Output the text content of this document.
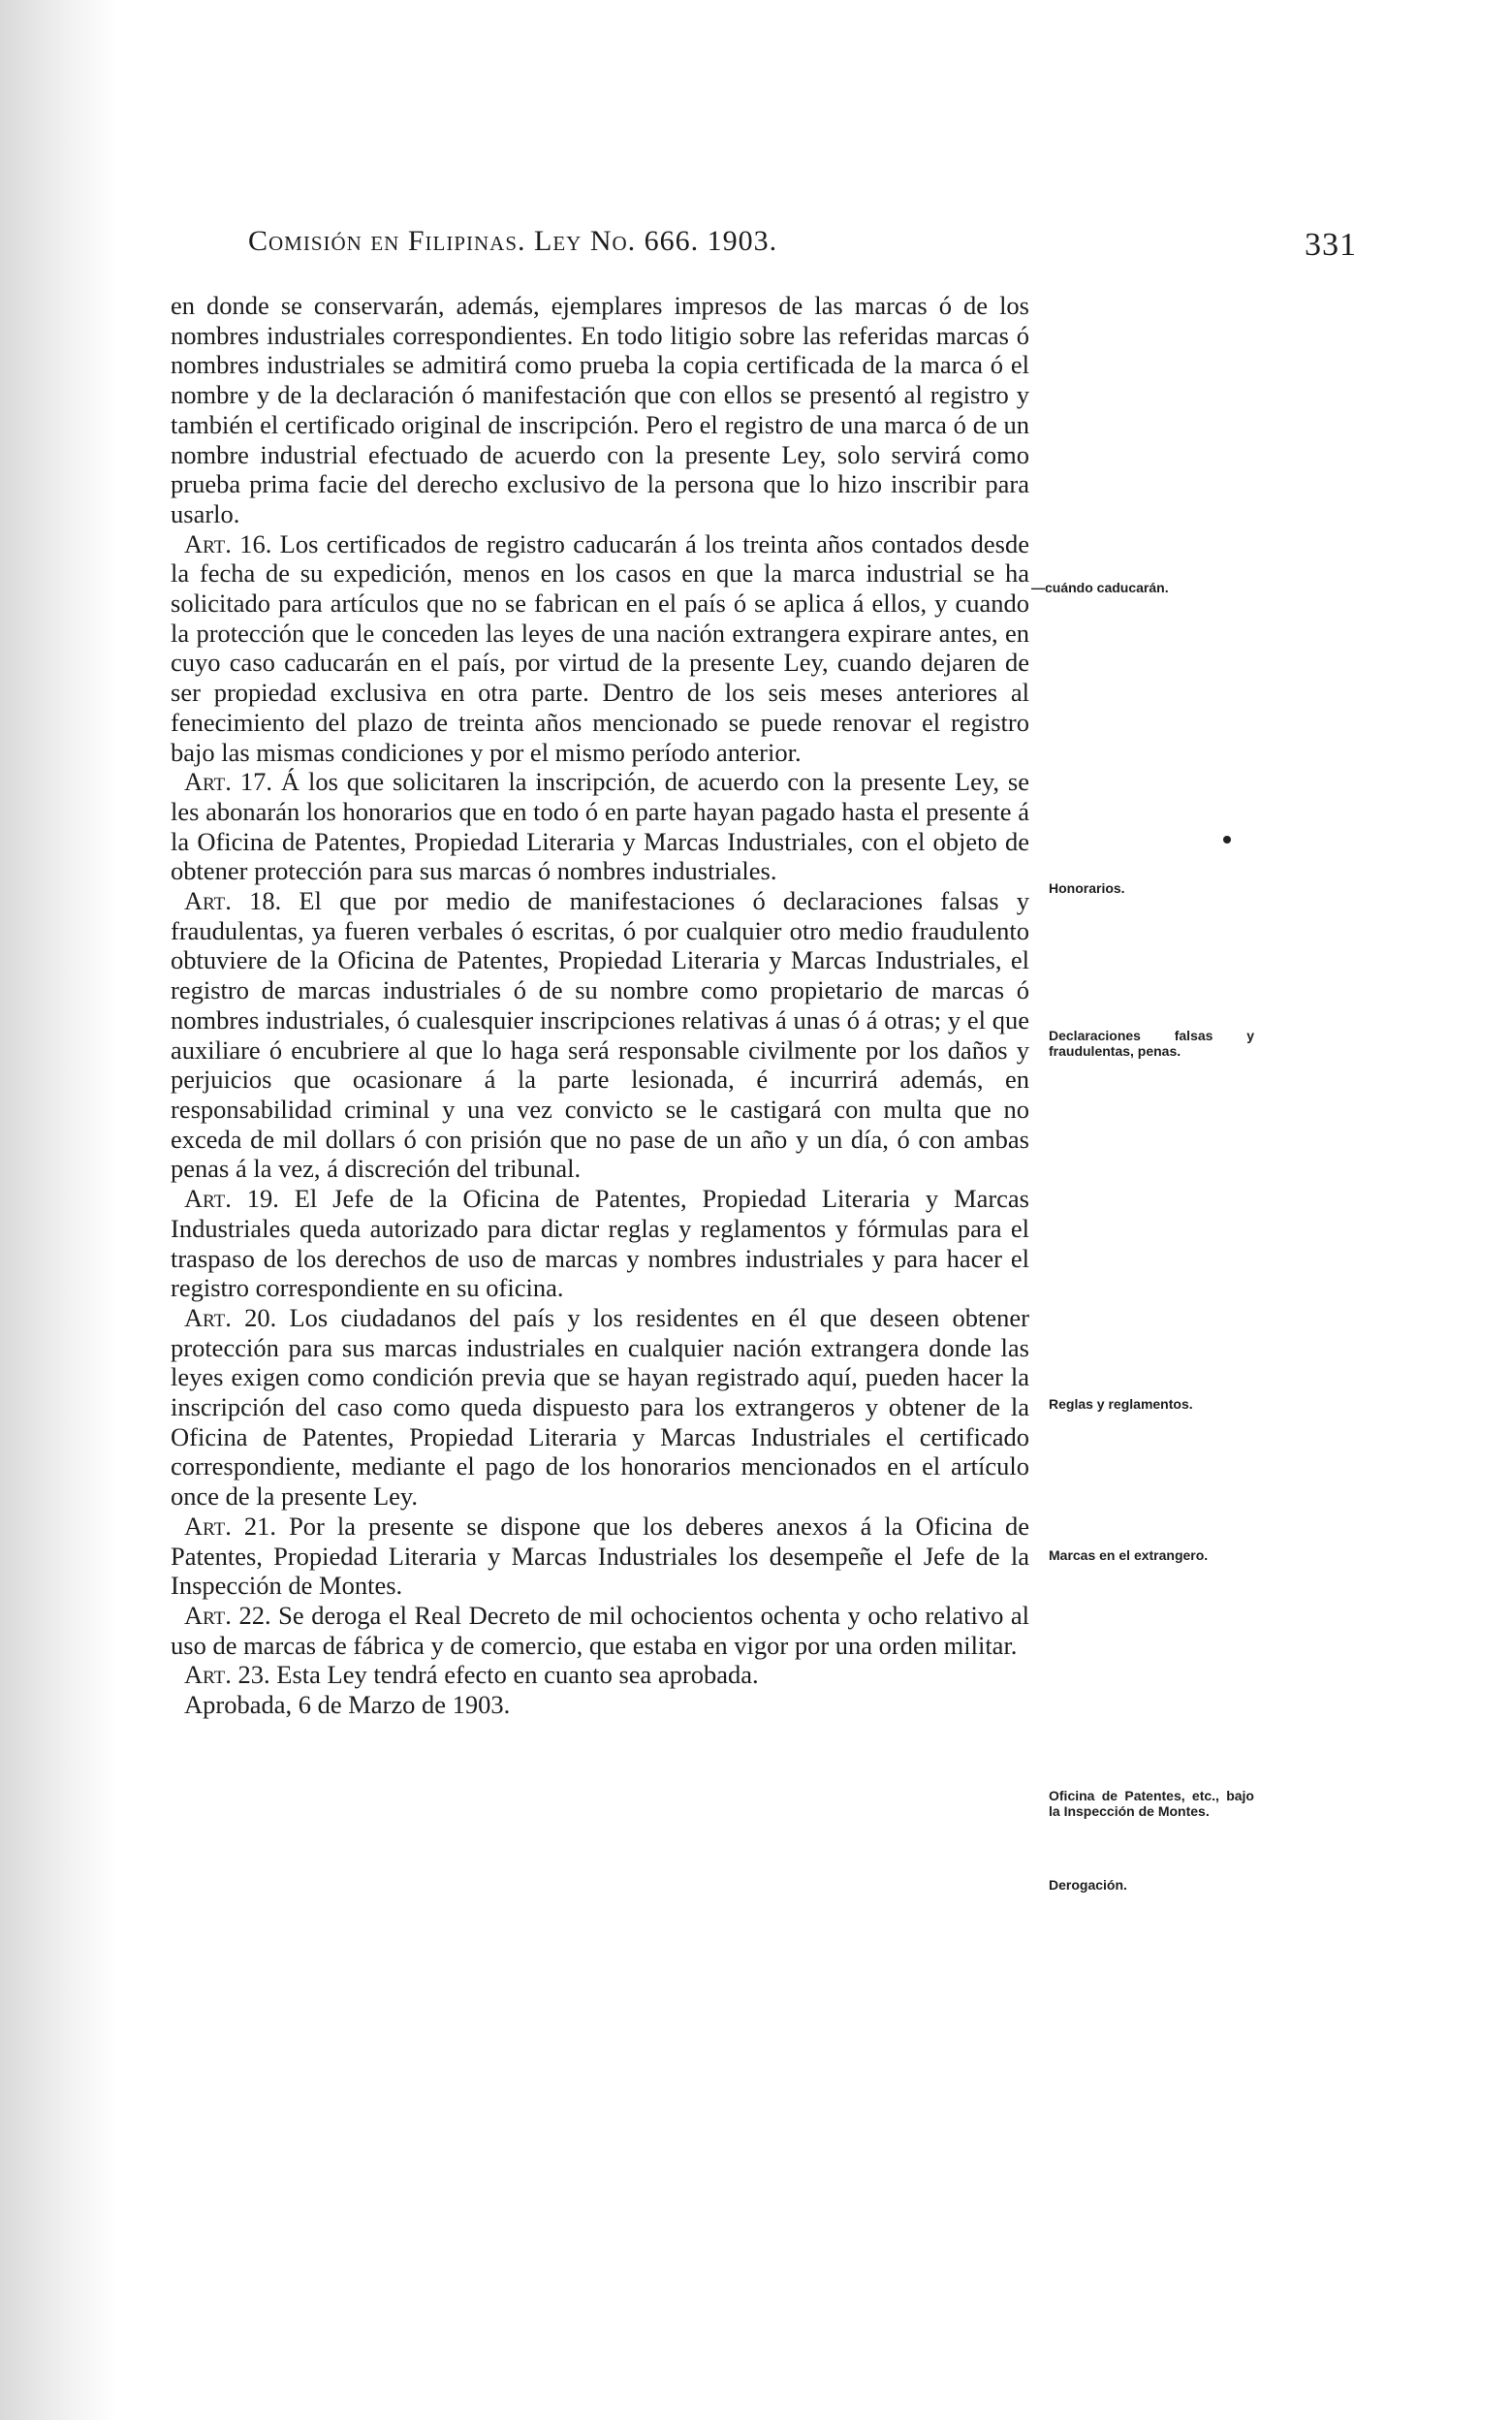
Comisión en Filipinas. Ley No. 666. 1903.	331

en donde se conservarán, además, ejemplares impresos de las marcas ó de los nombres industriales correspondientes. En todo litigio sobre las referidas marcas ó nombres industriales se admitirá como prueba la copia certificada de la marca ó el nombre y de la declaración ó manifestación que con ellos se presentó al registro y también el certificado original de inscripción. Pero el registro de una marca ó de un nombre industrial efectuado de acuerdo con la presente Ley, solo servirá como prueba prima facie del derecho exclusivo de la persona que lo hizo inscribir para usarlo.

Art. 16. Los certificados de registro caducarán á los treinta años contados desde la fecha de su expedición, menos en los casos en que la marca industrial se ha solicitado para artículos que no se fabrican en el país ó se aplica á ellos, y cuando la protección que le conceden las leyes de una nación extrangera expirare antes, en cuyo caso caducarán en el país, por virtud de la presente Ley, cuando dejaren de ser propiedad exclusiva en otra parte. Dentro de los seis meses anteriores al fenecimiento del plazo de treinta años mencionado se puede renovar el registro bajo las mismas condiciones y por el mismo período anterior.

Art. 17. Á los que solicitaren la inscripción, de acuerdo con la presente Ley, se les abonarán los honorarios que en todo ó en parte hayan pagado hasta el presente á la Oficina de Patentes, Propiedad Literaria y Marcas Industriales, con el objeto de obtener protección para sus marcas ó nombres industriales.

Art. 18. El que por medio de manifestaciones ó declaraciones falsas y fraudulentas, ya fueren verbales ó escritas, ó por cualquier otro medio fraudulento obtuviere de la Oficina de Patentes, Propiedad Literaria y Marcas Industriales, el registro de marcas industriales ó de su nombre como propietario de marcas ó nombres industriales, ó cualesquier inscripciones relativas á unas ó á otras; y el que auxiliare ó encubriere al que lo haga será responsable civilmente por los daños y perjuicios que ocasionare á la parte lesionada, é incurrirá además, en responsabilidad criminal y una vez convicto se le castigará con multa que no exceda de mil dollars ó con prisión que no pase de un año y un día, ó con ambas penas á la vez, á discreción del tribunal.

Art. 19. El Jefe de la Oficina de Patentes, Propiedad Literaria y Marcas Industriales queda autorizado para dictar reglas y reglamentos y fórmulas para el traspaso de los derechos de uso de marcas y nombres industriales y para hacer el registro correspondiente en su oficina.

Art. 20. Los ciudadanos del país y los residentes en él que deseen obtener protección para sus marcas industriales en cualquier nación extrangera donde las leyes exigen como condición previa que se hayan registrado aquí, pueden hacer la inscripción del caso como queda dispuesto para los extrangeros y obtener de la Oficina de Patentes, Propiedad Literaria y Marcas Industriales el certificado correspondiente, mediante el pago de los honorarios mencionados en el artículo once de la presente Ley.

Art. 21. Por la presente se dispone que los deberes anexos á la Oficina de Patentes, Propiedad Literaria y Marcas Industriales los desempeñe el Jefe de la Inspección de Montes.

Art. 22. Se deroga el Real Decreto de mil ochocientos ochenta y ocho relativo al uso de marcas de fábrica y de comercio, que estaba en vigor por una orden militar.

Art. 23. Esta Ley tendrá efecto en cuanto sea aprobada.

Aprobada, 6 de Marzo de 1903.

—cuándo caducarán.
Honorarios.
Declaraciones falsas y fraudulentas, penas.
Reglas y reglamentos.
Marcas en el extrangero.
Oficina de Patentes, etc., bajo la Inspección de Montes.
Derogación.
